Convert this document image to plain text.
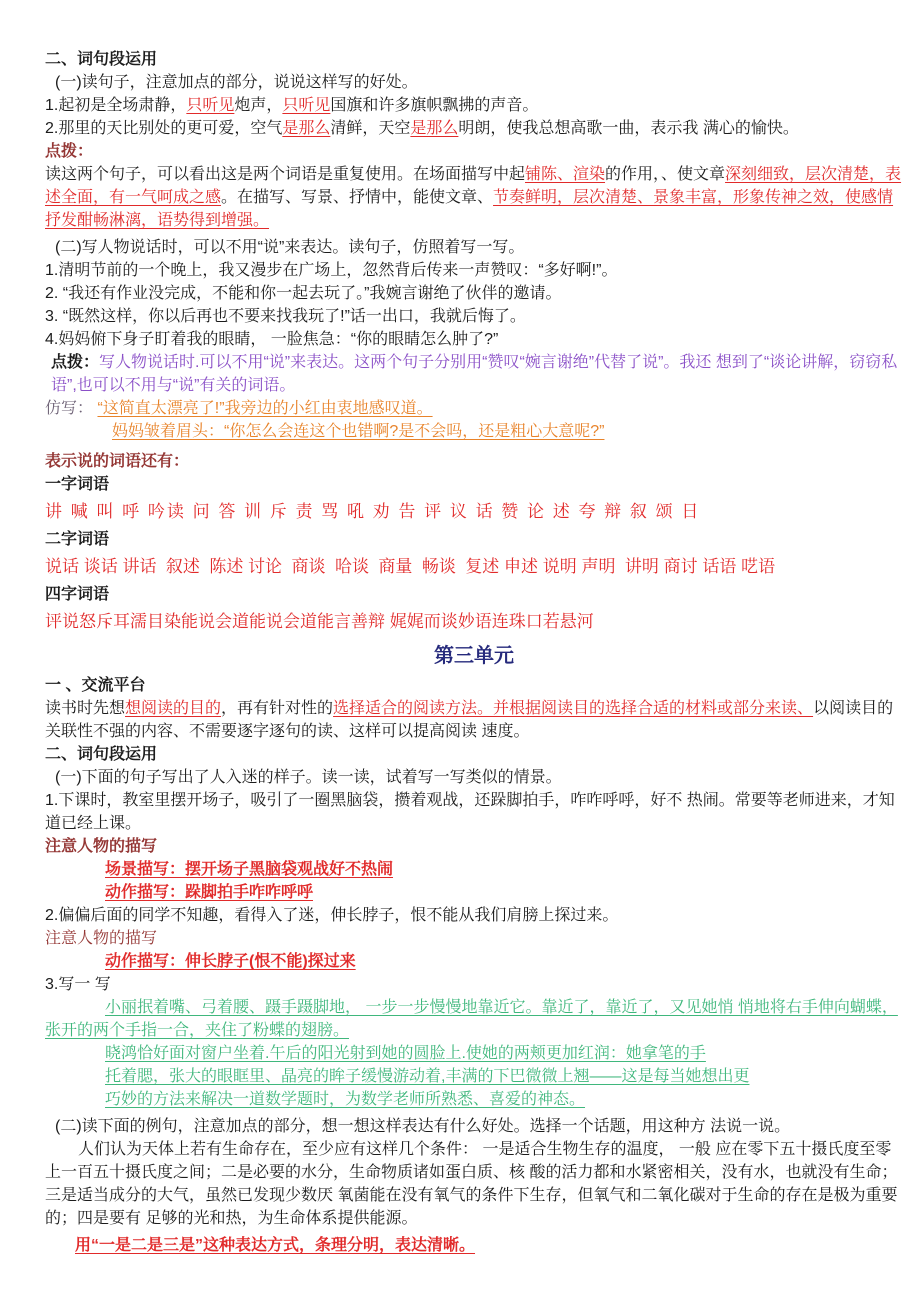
二、词句段运用

(一)读句子，注意加点的部分，说说这样写的好处。

1.起初是全场肃静，只听见炮声，只听见国旗和许多旗帜飘拂的声音。

2.那里的天比别处的更可爱，空气是那么清鲜，天空是那么明朗，使我总想高歌一曲，表示我 满心的愉快。

点拨：

读这两个句子，可以看出这是两个词语是重复使用。在场面描写中起铺陈、渲染的作用，、使文章深刻细致，层次清楚，表述全面，有一气呵成之感。在描写、写景、抒情中，能使文章、节奏鲜明，层次清楚、景象丰富，形象传神之效，使感情抒发酣畅淋漓，语势得到增强。

(二)写人物说话时，可以不用“说”来表达。读句子，仿照着写一写。

1.清明节前的一个晚上，我又漫步在广场上，忽然背后传来一声赞叹：“多好啊!”。

2. “我还有作业没完成，不能和你一起去玩了。”我婉言谢绝了伙伴的邀请。

3. “既然这样，你以后再也不要来找我玩了!”话一出口，我就后悔了。

4.妈妈俯下身子盯着我的眼睛， 一脸焦急：“你的眼睛怎么肿了?”

点拨：写人物说话时.可以不用“说”来表达。这两个句子分别用“赞叹“婉言谢绝”代替了说”。我还 想到了“谈论讲解，窃窃私语”,也可以不用与“说”有关的词语。

仿写： “这简直太漂亮了!”我旁边的小红由衷地感叹道。

妈妈皱着眉头：“你怎么会连这个也错啊?是不会吗，还是粗心大意呢?”

表示说的词语还有：

一字词语

讲 喊 叫 呼 吟读 问 答 训 斥 责 骂 吼 劝 告 评 议 话 赞 论 述 夸 辩 叙 颂 日

二字词语

说话 谈话 讲话  叙述  陈述 讨论  商谈  哈谈  商量  畅谈  复述 申述 说明 声明  讲明 商讨 话语 呓语

四字词语

评说怒斥耳濡目染能说会道能说会道能言善辩 娓娓而谈妙语连珠口若悬河

第三单元

一 、交流平台

读书时先想想阅读的目的，再有针对性的选择适合的阅读方法。并根据阅读目的选择合适的材料或部分来读、以阅读目的关联性不强的内容、不需要逐字逐句的读、这样可以提高阅读 速度。

二、词句段运用

(一)下面的句子写出了人入迷的样子。读一读，试着写一写类似的情景。

1.下课时，教室里摆开场子，吸引了一圈黑脑袋，攒着观战，还跺脚拍手，咋咋呼呼，好不 热闹。常要等老师进来，才知道已经上课。

注意人物的描写

场景描写：摆开场子黑脑袋观战好不热闹

动作描写：跺脚拍手咋咋呼呼

2.偏偏后面的同学不知趣，看得入了迷，伸长脖子，恨不能从我们肩膀上探过来。

注意人物的描写

动作描写：伸长脖子(恨不能)探过来

3.写一 写

小丽抿着嘴、弓着腰、蹑手蹑脚地， 一步一步慢慢地靠近它。靠近了，靠近了，又见她悄 悄地将右手伸向蝴蝶，张开的两个手指一合，夹住了粉蝶的翅膀。

晓鸿恰好面对窗户坐着.午后的阳光射到她的圆脸上.使她的两颊更加红润：她拿笔的手

托着腮，张大的眼眶里、晶亮的眸子缓慢游动着,丰满的下巴微微上翘——这是每当她想出更

巧妙的方法来解决一道数学题时，为数学老师所熟悉、喜爱的神态。

(二)读下面的例句，注意加点的部分，想一想这样表达有什么好处。选择一个话题，用这种方 法说一说。

人们认为天体上若有生命存在，至少应有这样几个条件： 一是适合生物生存的温度， 一般 应在零下五十摄氏度至零上一百五十摄氏度之间；二是必要的水分，生命物质诸如蛋白质、核 酸的活力都和水紧密相关，没有水，也就没有生命；三是适当成分的大气，虽然已发现少数厌 氧菌能在没有氧气的条件下生存，但氧气和二氧化碳对于生命的存在是极为重要的；四是要有 足够的光和热，为生命体系提供能源。

用“一是二是三是”这种表达方式，条理分明，表达清晰。
